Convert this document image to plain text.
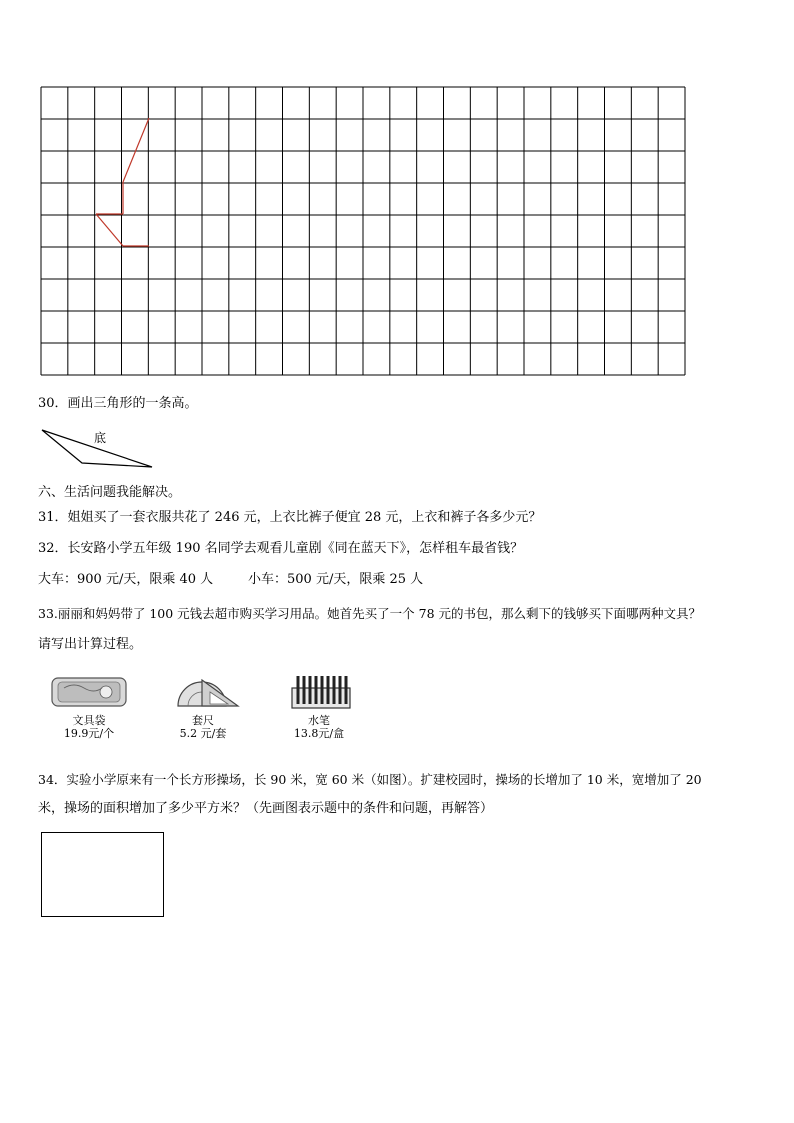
30．画出三角形的一条高。
底
六、生活问题我能解决。
31．姐姐买了一套衣服共花了 246 元，上衣比裤子便宜 28 元，上衣和裤子各多少元？
32．长安路小学五年级 190 名同学去观看儿童剧《同在蓝天下》，怎样租车最省钱？
大车：900 元/天，限乘 40 人	小车：500 元/天，限乘 25 人
33.丽丽和妈妈带了 100 元钱去超市购买学习用品。她首先买了一个 78 元的书包，那么剩下的钱够买下面哪两种文具？
请写出计算过程。
文具袋
19.9元/个
套尺
5.2 元/套
水笔
13.8元/盒
34．实验小学原来有一个长方形操场，长 90 米，宽 60 米（如图）。扩建校园时，操场的长增加了 10 米，宽增加了 20
米，操场的面积增加了多少平方米？（先画图表示题中的条件和问题，再解答）
